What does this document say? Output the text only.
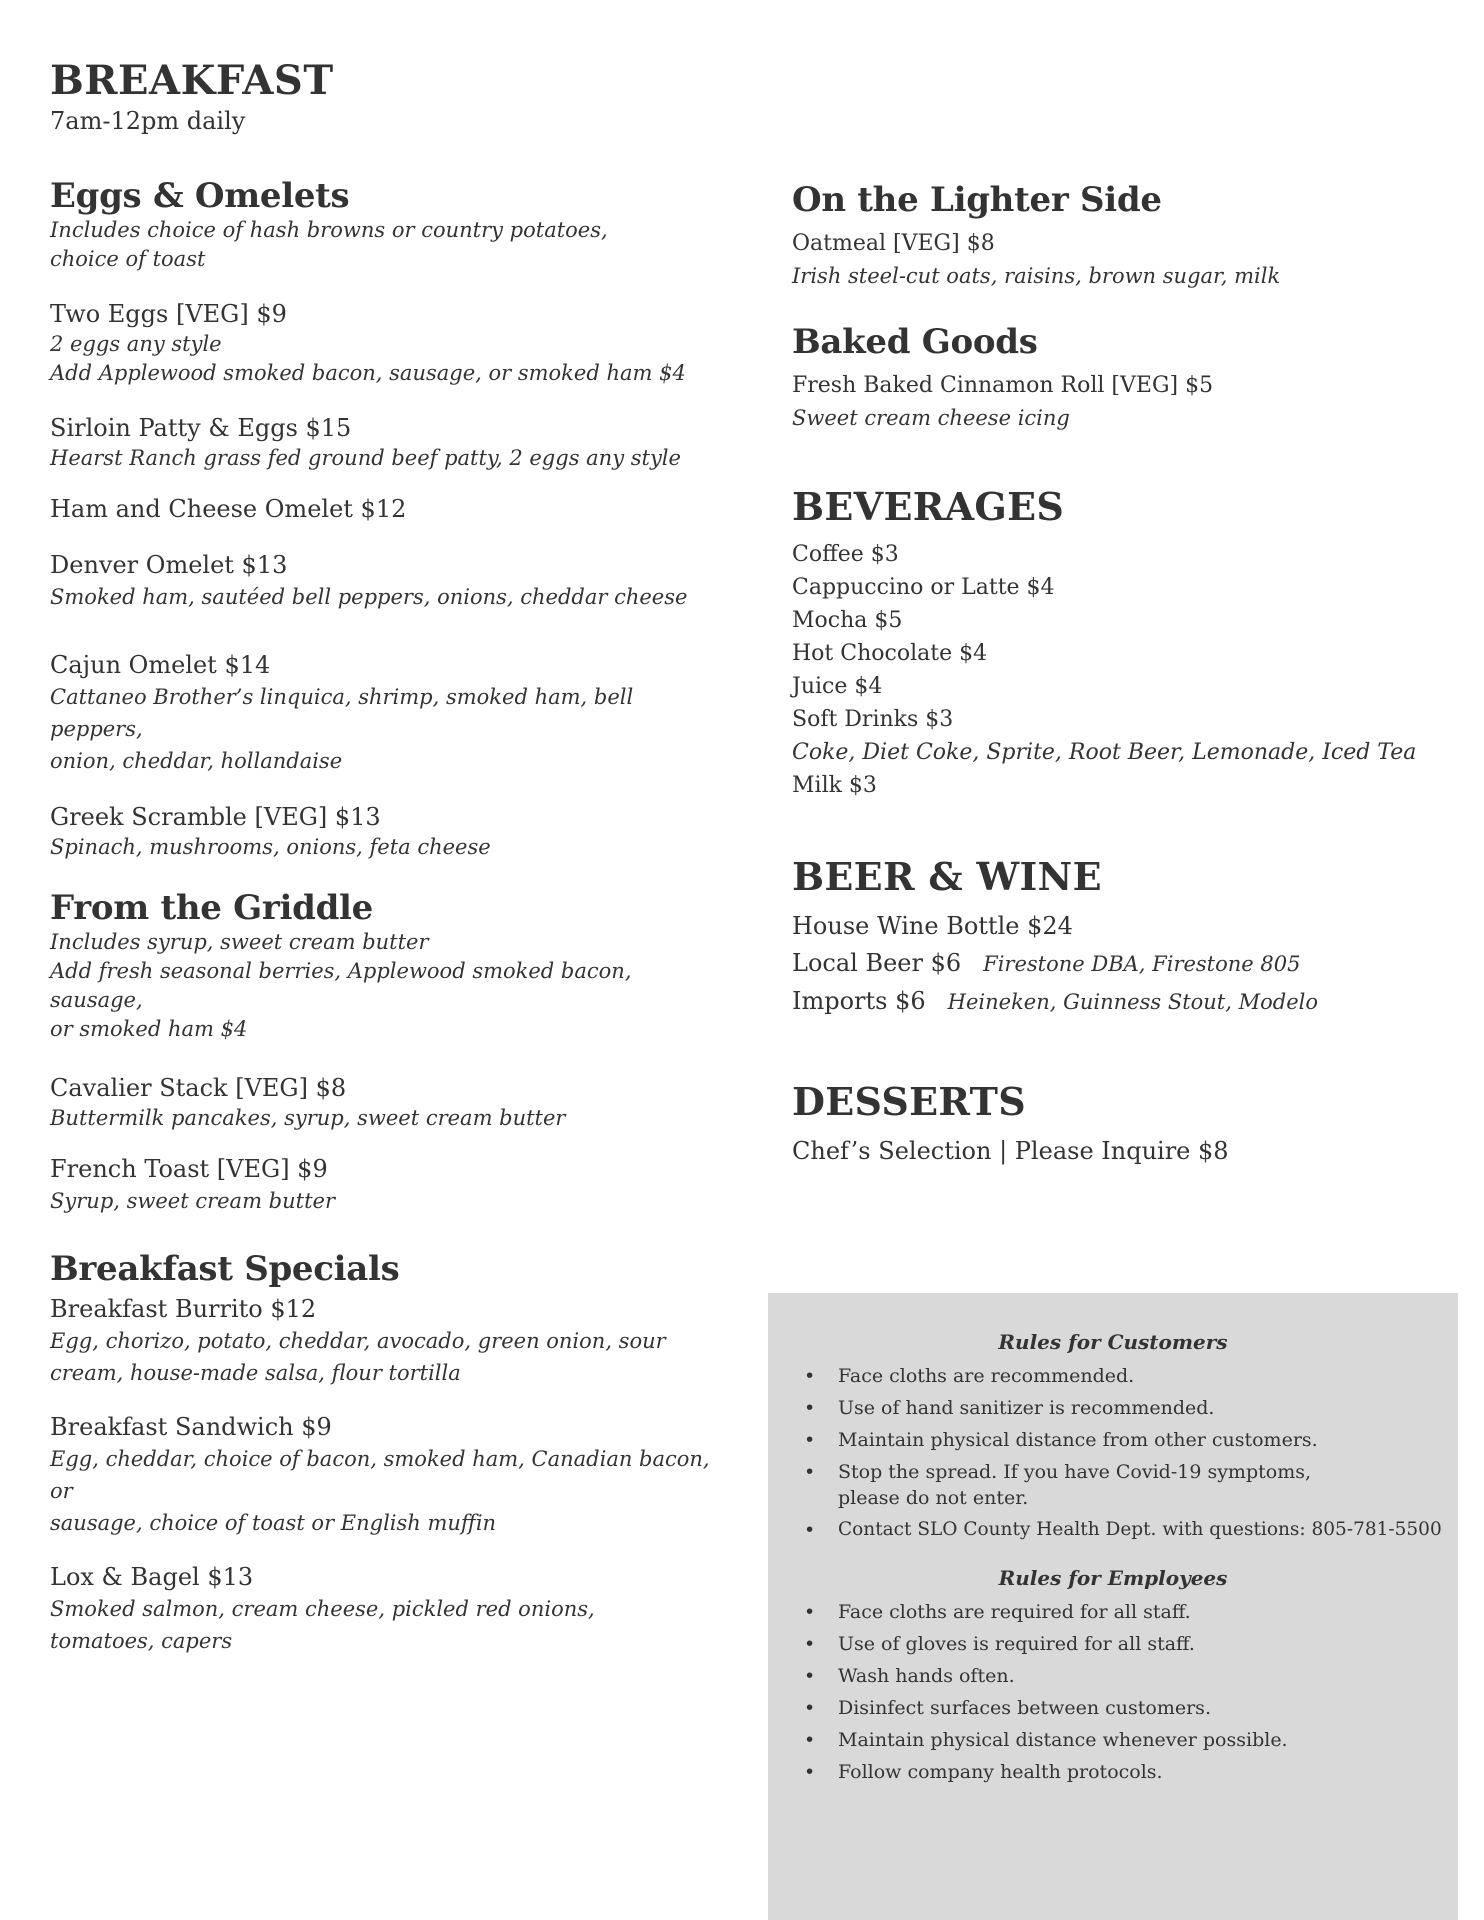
BREAKFAST

7am-12pm daily

Eggs & Omelets

Includes choice of hash browns or country potatoes,

choice of toast

Two Eggs [VEG] $9

2 eggs any style

Add Applewood smoked bacon, sausage, or smoked ham $4

Sirloin Patty & Eggs $15

Hearst Ranch grass fed ground beef patty, 2 eggs any style

Ham and Cheese Omelet $12

Denver Omelet $13

Smoked ham, sautéed bell peppers, onions, cheddar cheese

Cajun Omelet $14

Cattaneo Brother’s linquica, shrimp, smoked ham, bell peppers,

onion, cheddar, hollandaise

Greek Scramble [VEG] $13

Spinach, mushrooms, onions, feta cheese

From the Griddle

Includes syrup, sweet cream butter

Add fresh seasonal berries, Applewood smoked bacon, sausage,

or smoked ham $4

Cavalier Stack [VEG] $8

Buttermilk pancakes, syrup, sweet cream butter

French Toast [VEG] $9

Syrup, sweet cream butter

Breakfast Specials

Breakfast Burrito $12

Egg, chorizo, potato, cheddar, avocado, green onion, sour

cream, house-made salsa, flour tortilla

Breakfast Sandwich $9

Egg, cheddar, choice of bacon, smoked ham, Canadian bacon, or

sausage, choice of toast or English muffin

Lox & Bagel $13

Smoked salmon, cream cheese, pickled red onions,

tomatoes, capers

On the Lighter Side

Oatmeal [VEG] $8

Irish steel-cut oats, raisins, brown sugar, milk

Baked Goods

Fresh Baked Cinnamon Roll [VEG] $5

Sweet cream cheese icing

BEVERAGES

Coffee $3

Cappuccino or Latte $4

Mocha $5

Hot Chocolate $4

Juice $4

Soft Drinks $3

Coke, Diet Coke, Sprite, Root Beer, Lemonade, Iced Tea

Milk $3

BEER & WINE

House Wine Bottle $24

Local Beer $6 Firestone DBA, Firestone 805

Imports $6 Heineken, Guinness Stout, Modelo

DESSERTS

Chef’s Selection | Please Inquire $8

Rules for Customers

• Face cloths are recommended.
• Use of hand sanitizer is recommended.
• Maintain physical distance from other customers.
• Stop the spread. If you have Covid-19 symptoms, please do not enter.
• Contact SLO County Health Dept. with questions: 805-781-5500

Rules for Employees

• Face cloths are required for all staff.
• Use of gloves is required for all staff.
• Wash hands often.
• Disinfect surfaces between customers.
• Maintain physical distance whenever possible.
• Follow company health protocols.
